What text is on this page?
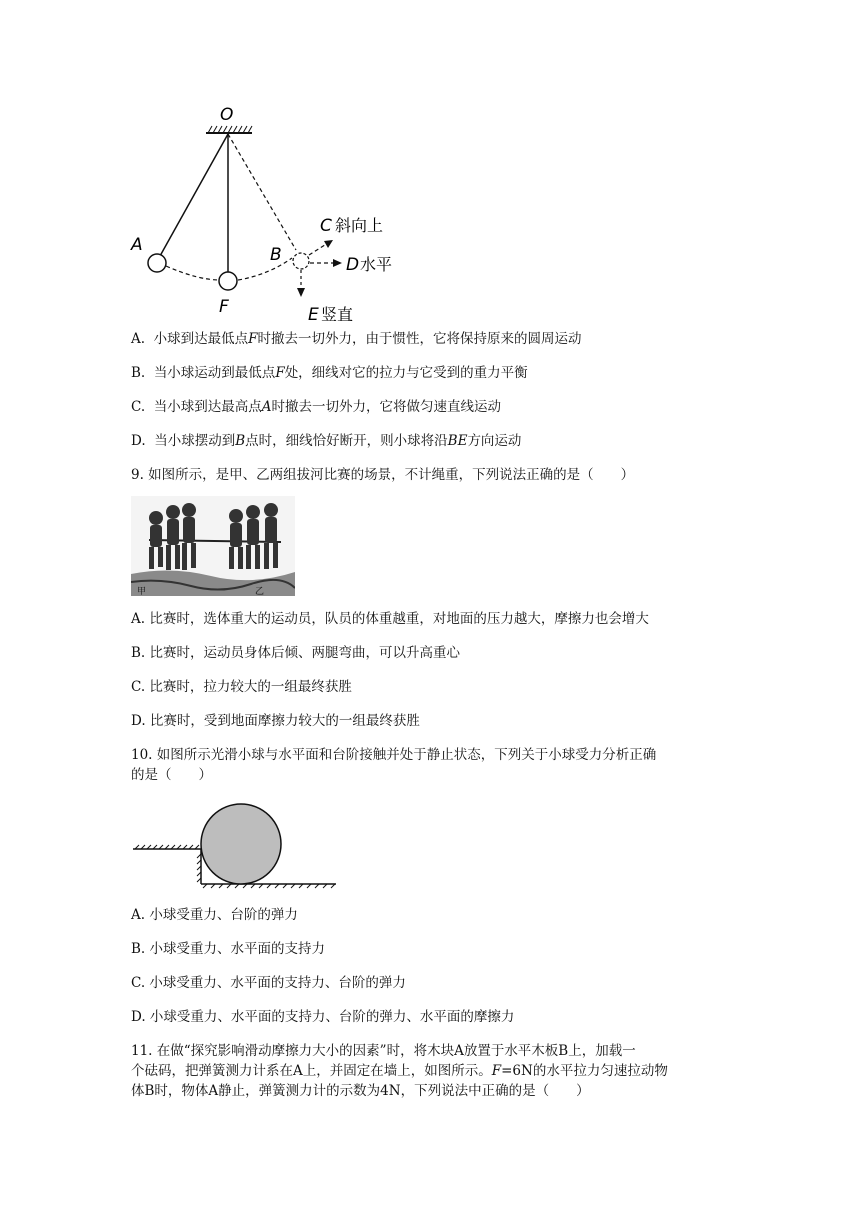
O
A
F
B
C 斜向上
D 水平
E 竖直
A. 小球到达最低点F时撤去一切外力，由于惯性，它将保持原来的圆周运动
B. 当小球运动到最低点F处，细线对它的拉力与它受到的重力平衡
C. 当小球到达最高点A时撤去一切外力，它将做匀速直线运动
D. 当小球摆动到B点时，细线恰好断开，则小球将沿BE方向运动
9. 如图所示，是甲、乙两组拔河比赛的场景，不计绳重，下列说法正确的是（　　）
甲	乙
A. 比赛时，选体重大的运动员，队员的体重越重，对地面的压力越大，摩擦力也会增大
B. 比赛时，运动员身体后倾、两腿弯曲，可以升高重心
C. 比赛时，拉力较大的一组最终获胜
D. 比赛时，受到地面摩擦力较大的一组最终获胜
10. 如图所示光滑小球与水平面和台阶接触并处于静止状态，下列关于小球受力分析正确
的是（　　）
A. 小球受重力、台阶的弹力
B. 小球受重力、水平面的支持力
C. 小球受重力、水平面的支持力、台阶的弹力
D. 小球受重力、水平面的支持力、台阶的弹力、水平面的摩擦力
11. 在做“探究影响滑动摩擦力大小的因素”时，将木块A放置于水平木板B上，加载一
个砝码，把弹簧测力计系在A上，并固定在墙上，如图所示。F=6N的水平拉力匀速拉动物
体B时，物体A静止，弹簧测力计的示数为4N，下列说法中正确的是（　　）
